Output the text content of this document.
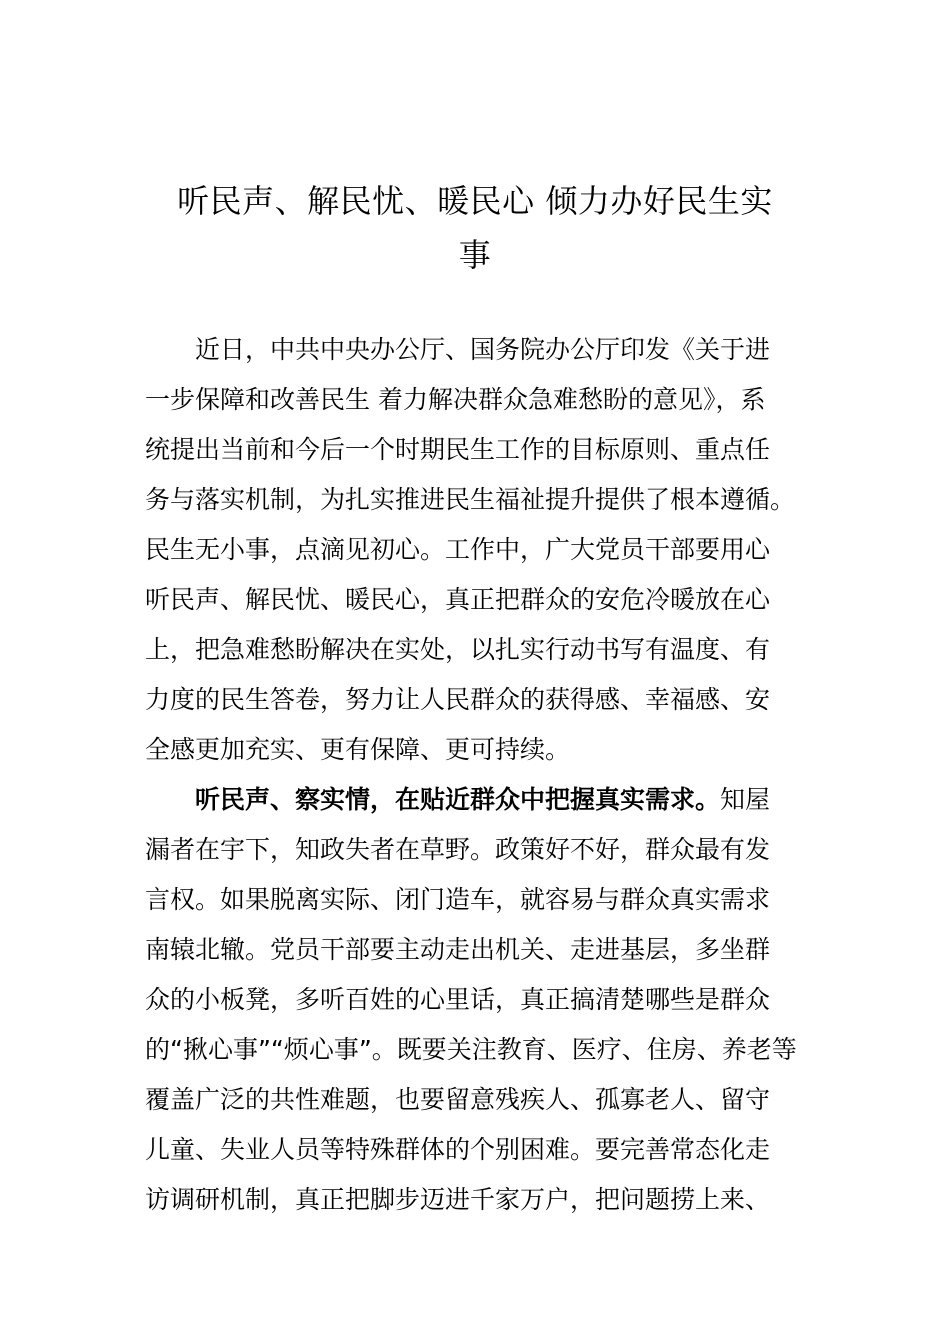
听民声、解民忧、暖民心 倾力办好民生实
事
近日，中共中央办公厅、国务院办公厅印发《关于进
一步保障和改善民生 着力解决群众急难愁盼的意见》，系
统提出当前和今后一个时期民生工作的目标原则、重点任
务与落实机制，为扎实推进民生福祉提升提供了根本遵循。
民生无小事，点滴见初心。工作中，广大党员干部要用心
听民声、解民忧、暖民心，真正把群众的安危冷暖放在心
上，把急难愁盼解决在实处，以扎实行动书写有温度、有
力度的民生答卷，努力让人民群众的获得感、幸福感、安
全感更加充实、更有保障、更可持续。
听民声、察实情，在贴近群众中把握真实需求。知屋
漏者在宇下，知政失者在草野。政策好不好，群众最有发
言权。如果脱离实际、闭门造车，就容易与群众真实需求
南辕北辙。党员干部要主动走出机关、走进基层，多坐群
众的小板凳，多听百姓的心里话，真正搞清楚哪些是群众
的“揪心事”“烦心事”。既要关注教育、医疗、住房、养老等
覆盖广泛的共性难题，也要留意残疾人、孤寡老人、留守
儿童、失业人员等特殊群体的个别困难。要完善常态化走
访调研机制，真正把脚步迈进千家万户，把问题捞上来、
